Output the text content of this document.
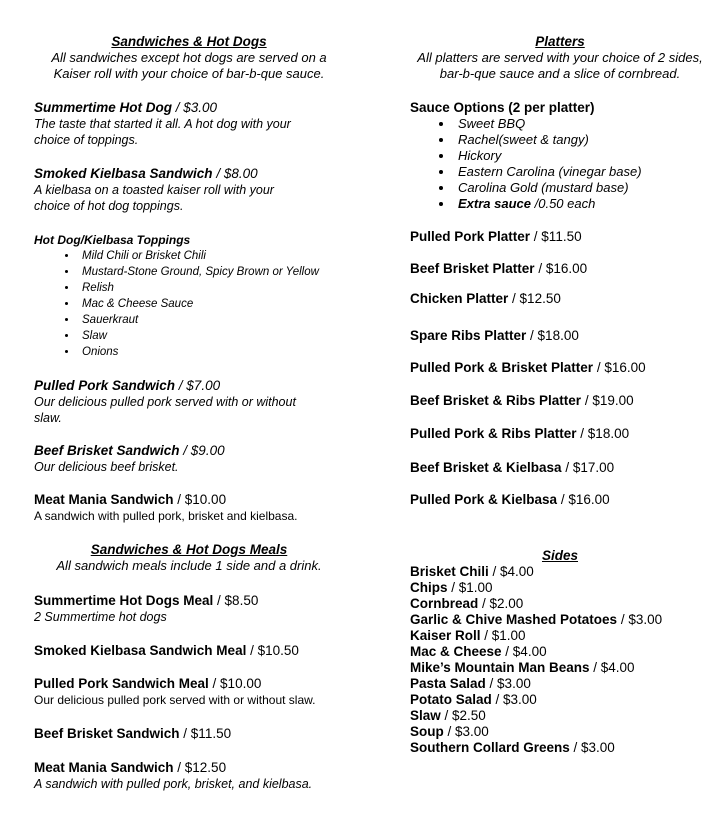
Sandwiches & Hot Dogs
All sandwiches except hot dogs are served on a
Kaiser roll with your choice of bar-b-que sauce.
Summertime Hot Dog / $3.00
The taste that started it all. A hot dog with your
choice of toppings.
Smoked Kielbasa Sandwich / $8.00
A kielbasa on a toasted kaiser roll with your
choice of hot dog toppings.
Hot Dog/Kielbasa Toppings
• Mild Chili or Brisket Chili
• Mustard-Stone Ground, Spicy Brown or Yellow
• Relish
• Mac & Cheese Sauce
• Sauerkraut
• Slaw
• Onions
Pulled Pork Sandwich / $7.00
Our delicious pulled pork served with or without
slaw.
Beef Brisket Sandwich / $9.00
Our delicious beef brisket.
Meat Mania Sandwich / $10.00
A sandwich with pulled pork, brisket and kielbasa.
Sandwiches & Hot Dogs Meals
All sandwich meals include 1 side and a drink.
Summertime Hot Dogs Meal / $8.50
2 Summertime hot dogs
Smoked Kielbasa Sandwich Meal / $10.50
Pulled Pork Sandwich Meal / $10.00
Our delicious pulled pork served with or without slaw.
Beef Brisket Sandwich / $11.50
Meat Mania Sandwich / $12.50
A sandwich with pulled pork, brisket, and kielbasa.
Platters
All platters are served with your choice of 2 sides,
bar-b-que sauce and a slice of cornbread.
Sauce Options (2 per platter)
• Sweet BBQ
• Rachel(sweet & tangy)
• Hickory
• Eastern Carolina (vinegar base)
• Carolina Gold (mustard base)
• Extra sauce /0.50 each
Pulled Pork Platter / $11.50
Beef Brisket Platter / $16.00
Chicken Platter / $12.50
Spare Ribs Platter / $18.00
Pulled Pork & Brisket Platter / $16.00
Beef Brisket & Ribs Platter / $19.00
Pulled Pork & Ribs Platter / $18.00
Beef Brisket & Kielbasa / $17.00
Pulled Pork & Kielbasa / $16.00
Sides
Brisket Chili / $4.00
Chips / $1.00
Cornbread / $2.00
Garlic & Chive Mashed Potatoes / $3.00
Kaiser Roll / $1.00
Mac & Cheese / $4.00
Mike’s Mountain Man Beans / $4.00
Pasta Salad / $3.00
Potato Salad / $3.00
Slaw / $2.50
Soup / $3.00
Southern Collard Greens / $3.00
